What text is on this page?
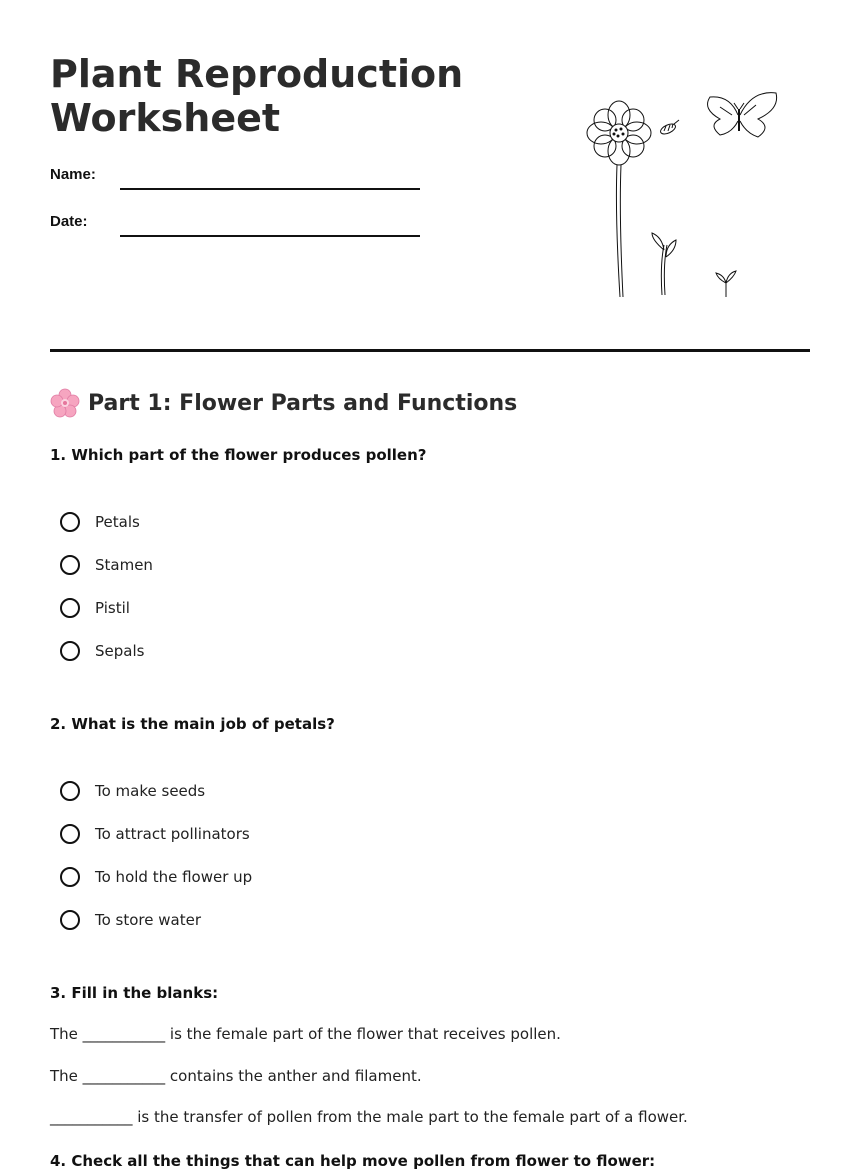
Plant Reproduction
Worksheet
Name:
Date:
Part 1: Flower Parts and Functions
1. Which part of the flower produces pollen?
Petals
Stamen
Pistil
Sepals
2. What is the main job of petals?
To make seeds
To attract pollinators
To hold the flower up
To store water
3. Fill in the blanks:
The ___________ is the female part of the flower that receives pollen.
The ___________ contains the anther and filament.
___________ is the transfer of pollen from the male part to the female part of a flower.
4. Check all the things that can help move pollen from flower to flower:
